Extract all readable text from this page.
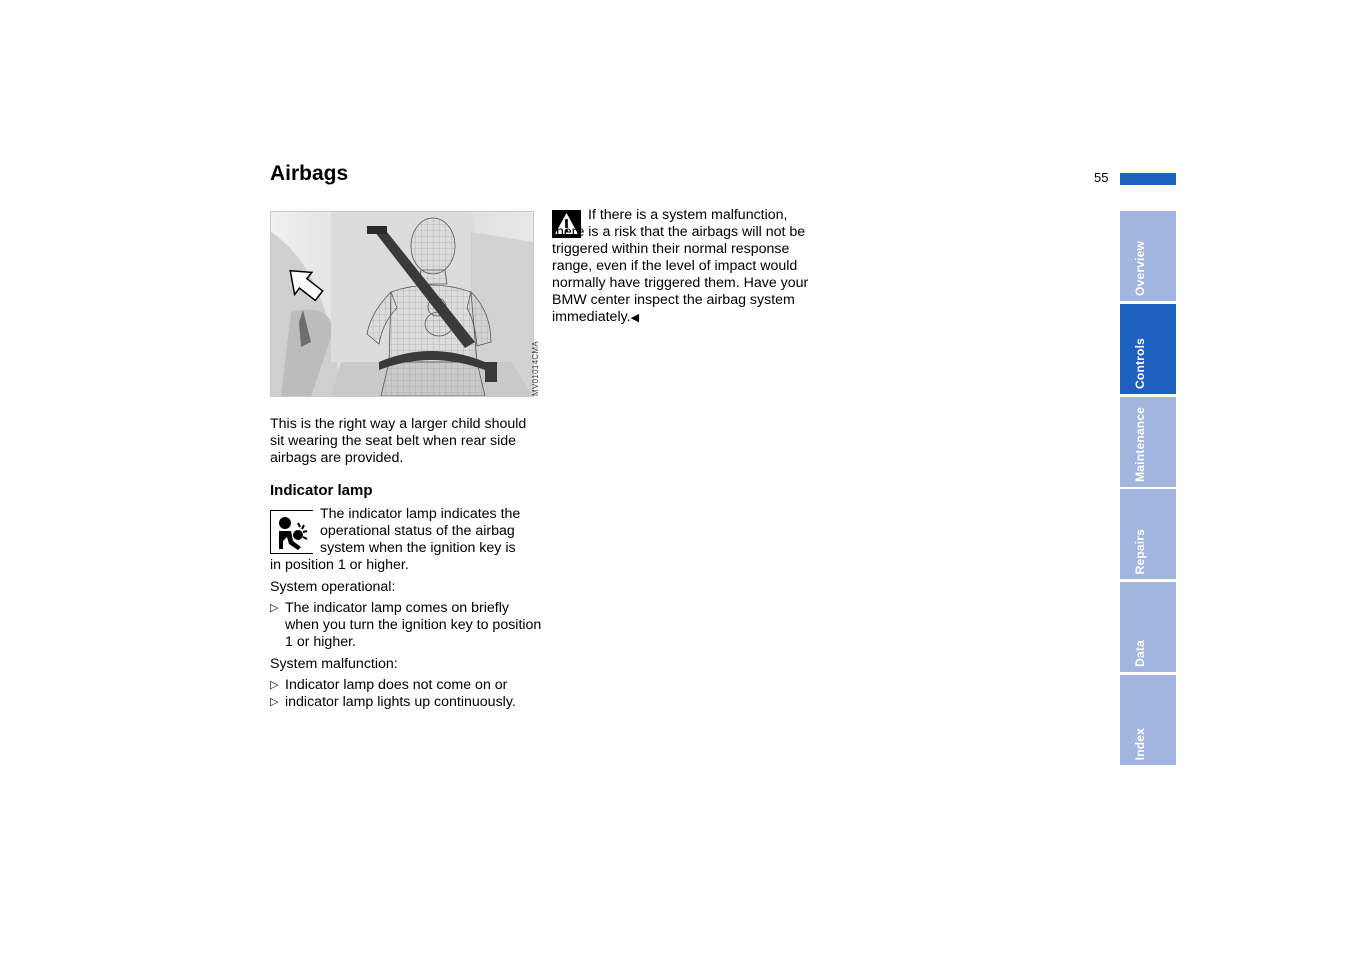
Airbags	55
MV01014CMA
This is the right way a larger child should sit wearing the seat belt when rear side airbags are provided.
Indicator lamp
The indicator lamp indicates the operational status of the airbag system when the ignition key is
in position 1 or higher.
System operational:
▷ The indicator lamp comes on briefly when you turn the ignition key to position 1 or higher.
System malfunction:
▷ Indicator lamp does not come on or
▷ indicator lamp lights up continuously.
If there is a system malfunction,
there is a risk that the airbags will not be triggered within their normal response range, even if the level of impact would normally have triggered them. Have your BMW center inspect the airbag system immediately.◀
Overview
Controls
Maintenance
Repairs
Data
Index
